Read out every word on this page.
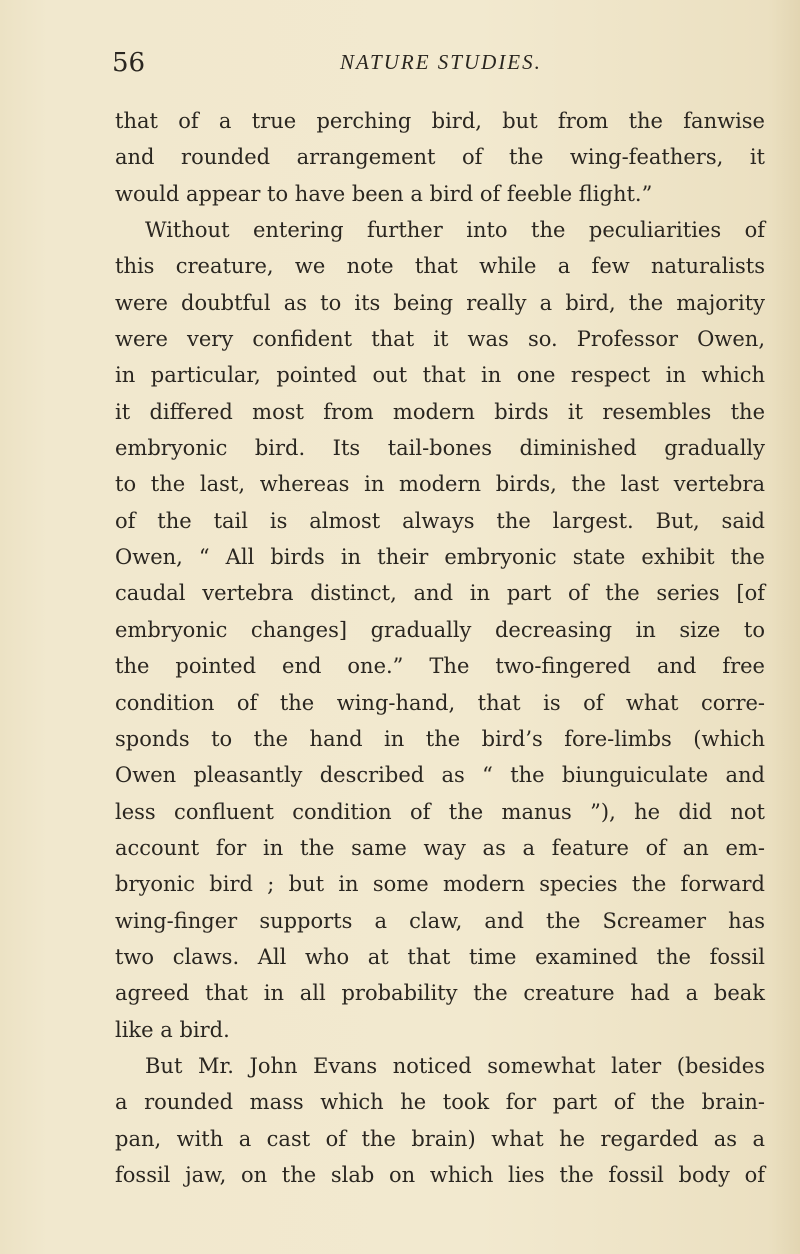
56	NATURE STUDIES.
that of a true perching bird, but from the fanwise
and rounded arrangement of the wing-feathers, it
would appear to have been a bird of feeble flight.”
Without entering further into the peculiarities of
this creature, we note that while a few naturalists
were doubtful as to its being really a bird, the majority
were very confident that it was so. Professor Owen,
in particular, pointed out that in one respect in which
it differed most from modern birds it resembles the
embryonic bird. Its tail-bones diminished gradually
to the last, whereas in modern birds, the last vertebra
of the tail is almost always the largest. But, said
Owen, “ All birds in their embryonic state exhibit the
caudal vertebra distinct, and in part of the series [of
embryonic changes] gradually decreasing in size to
the pointed end one.” The two-fingered and free
condition of the wing-hand, that is of what corre-
sponds to the hand in the bird’s fore-limbs (which
Owen pleasantly described as “ the biunguiculate and
less confluent condition of the manus ”), he did not
account for in the same way as a feature of an em-
bryonic bird ; but in some modern species the forward
wing-finger supports a claw, and the Screamer has
two claws. All who at that time examined the fossil
agreed that in all probability the creature had a beak
like a bird.
But Mr. John Evans noticed somewhat later (besides
a rounded mass which he took for part of the brain-
pan, with a cast of the brain) what he regarded as a
fossil jaw, on the slab on which lies the fossil body of
